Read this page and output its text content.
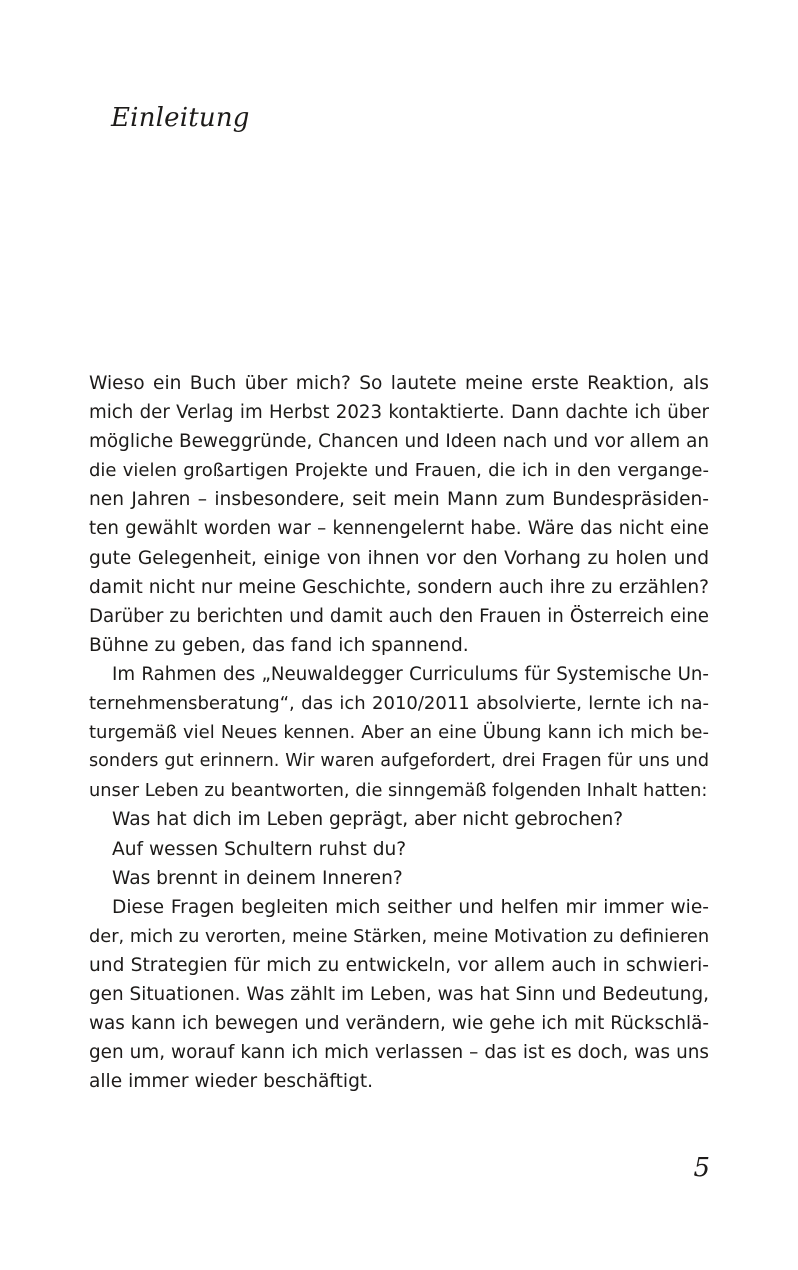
Einleitung
Wieso ein Buch über mich? So lautete meine erste Reaktion, als
mich der Verlag im Herbst 2023 kontaktierte. Dann dachte ich über
mögliche Beweggründe, Chancen und Ideen nach und vor allem an
die vielen großartigen Projekte und Frauen, die ich in den vergange-
nen Jahren – insbesondere, seit mein Mann zum Bundespräsiden-
ten gewählt worden war – kennengelernt habe. Wäre das nicht eine
gute Gelegenheit, einige von ihnen vor den Vorhang zu holen und
damit nicht nur meine Geschichte, sondern auch ihre zu erzählen?
Darüber zu berichten und damit auch den Frauen in Österreich eine
Bühne zu geben, das fand ich spannend.
Im Rahmen des „Neuwaldegger Curriculums für Systemische Un-
ternehmensberatung“, das ich 2010/2011 absolvierte, lernte ich na-
turgemäß viel Neues kennen. Aber an eine Übung kann ich mich be-
sonders gut erinnern. Wir waren aufgefordert, drei Fragen für uns und
unser Leben zu beantworten, die sinngemäß folgenden Inhalt hatten:
Was hat dich im Leben geprägt, aber nicht gebrochen?
Auf wessen Schultern ruhst du?
Was brennt in deinem Inneren?
Diese Fragen begleiten mich seither und helfen mir immer wie-
der, mich zu verorten, meine Stärken, meine Motivation zu definieren
und Strategien für mich zu entwickeln, vor allem auch in schwieri-
gen Situationen. Was zählt im Leben, was hat Sinn und Bedeutung,
was kann ich bewegen und verändern, wie gehe ich mit Rückschlä-
gen um, worauf kann ich mich verlassen – das ist es doch, was uns
alle immer wieder beschäftigt.
5
